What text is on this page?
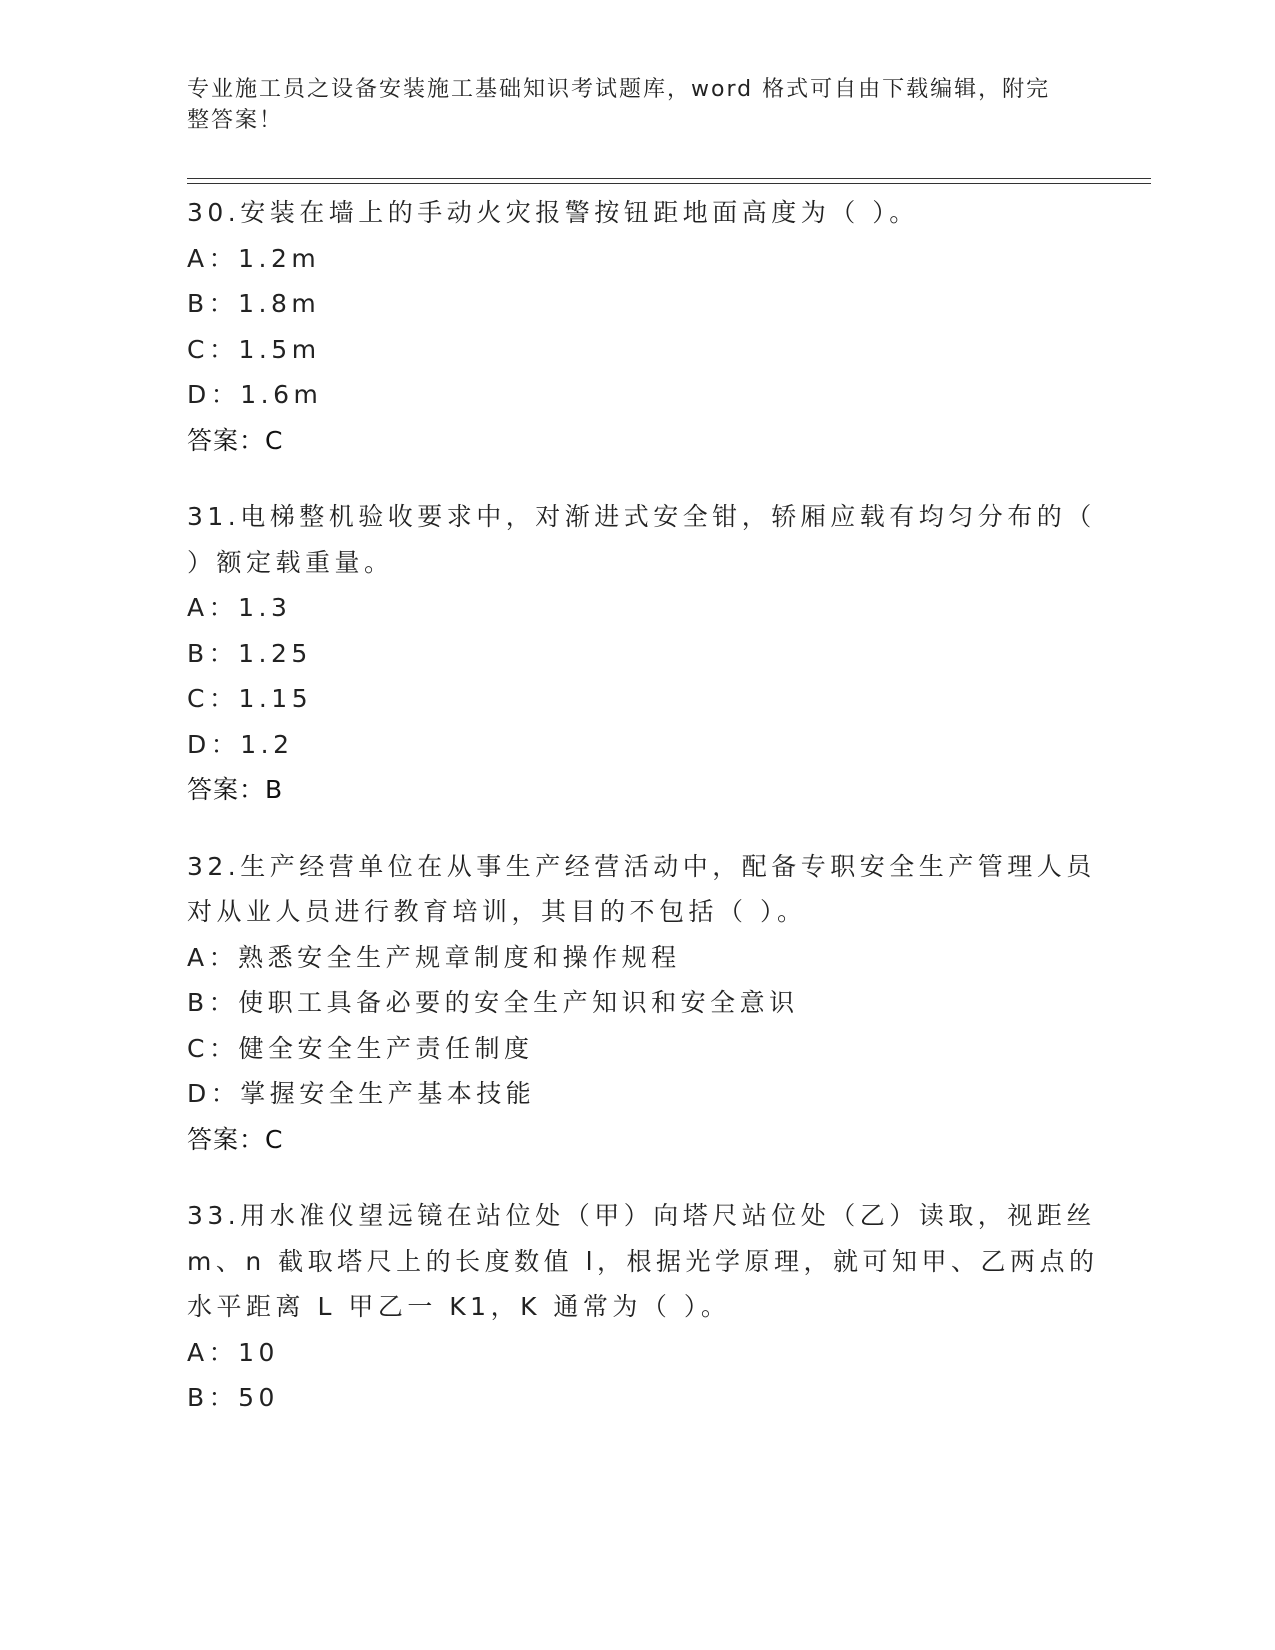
专业施工员之设备安装施工基础知识考试题库，word 格式可自由下载编辑，附完
整答案！
30.安装在墙上的手动火灾报警按钮距地面高度为（ ）。
A：1.2m
B：1.8m
C：1.5m
D：1.6m
答案：C
31.电梯整机验收要求中，对渐进式安全钳，轿厢应载有均匀分布的（
）额定载重量。
A：1.3
B：1.25
C：1.15
D：1.2
答案：B
32.生产经营单位在从事生产经营活动中，配备专职安全生产管理人员
对从业人员进行教育培训，其目的不包括（ ）。
A：熟悉安全生产规章制度和操作规程
B：使职工具备必要的安全生产知识和安全意识
C：健全安全生产责任制度
D：掌握安全生产基本技能
答案：C
33.用水准仪望远镜在站位处（甲）向塔尺站位处（乙）读取，视距丝
m、n 截取塔尺上的长度数值 l，根据光学原理，就可知甲、乙两点的
水平距离 L 甲乙一 K1，K 通常为（ ）。
A：10
B：50
